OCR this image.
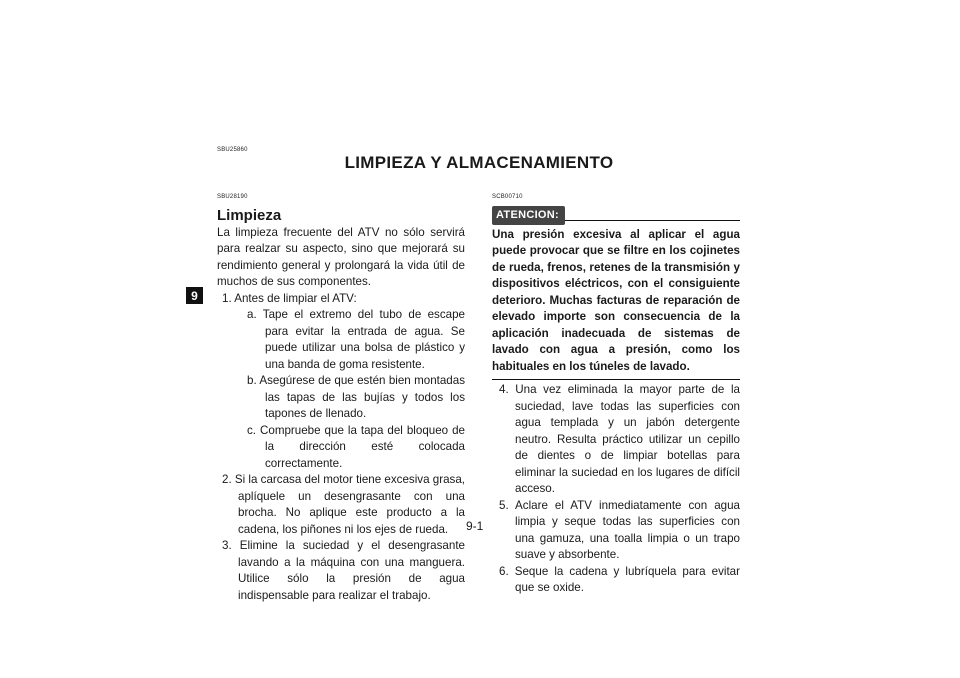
SBU25860
LIMPIEZA Y ALMACENAMIENTO
9
SBU28190
Limpieza
La limpieza frecuente del ATV no sólo servirá para realzar su aspecto, sino que mejorará su rendimiento general y prolongará la vida útil de muchos de sus componentes.
1. Antes de limpiar el ATV:
a. Tape el extremo del tubo de escape para evitar la entrada de agua. Se puede utilizar una bolsa de plástico y una banda de goma resistente.
b. Asegúrese de que estén bien montadas las tapas de las bujías y todos los tapones de llenado.
c. Compruebe que la tapa del bloqueo de la dirección esté colocada correctamente.
2. Si la carcasa del motor tiene excesiva grasa, aplíquele un desengrasante con una brocha. No aplique este producto a la cadena, los piñones ni los ejes de rueda.
3. Elimine la suciedad y el desengrasante lavando a la máquina con una manguera. Utilice sólo la presión de agua indispensable para realizar el trabajo.
SCB00710
ATENCION:
Una presión excesiva al aplicar el agua puede provocar que se filtre en los cojinetes de rueda, frenos, retenes de la transmisión y dispositivos eléctricos, con el consiguiente deterioro. Muchas facturas de reparación de elevado importe son consecuencia de la aplicación inadecuada de sistemas de lavado con agua a presión, como los habituales en los túneles de lavado.
4. Una vez eliminada la mayor parte de la suciedad, lave todas las superficies con agua templada y un jabón detergente neutro. Resulta práctico utilizar un cepillo de dientes o de limpiar botellas para eliminar la suciedad en los lugares de difícil acceso.
5. Aclare el ATV inmediatamente con agua limpia y seque todas las superficies con una gamuza, una toalla limpia o un trapo suave y absorbente.
6. Seque la cadena y lubríquela para evitar que se oxide.
9-1
